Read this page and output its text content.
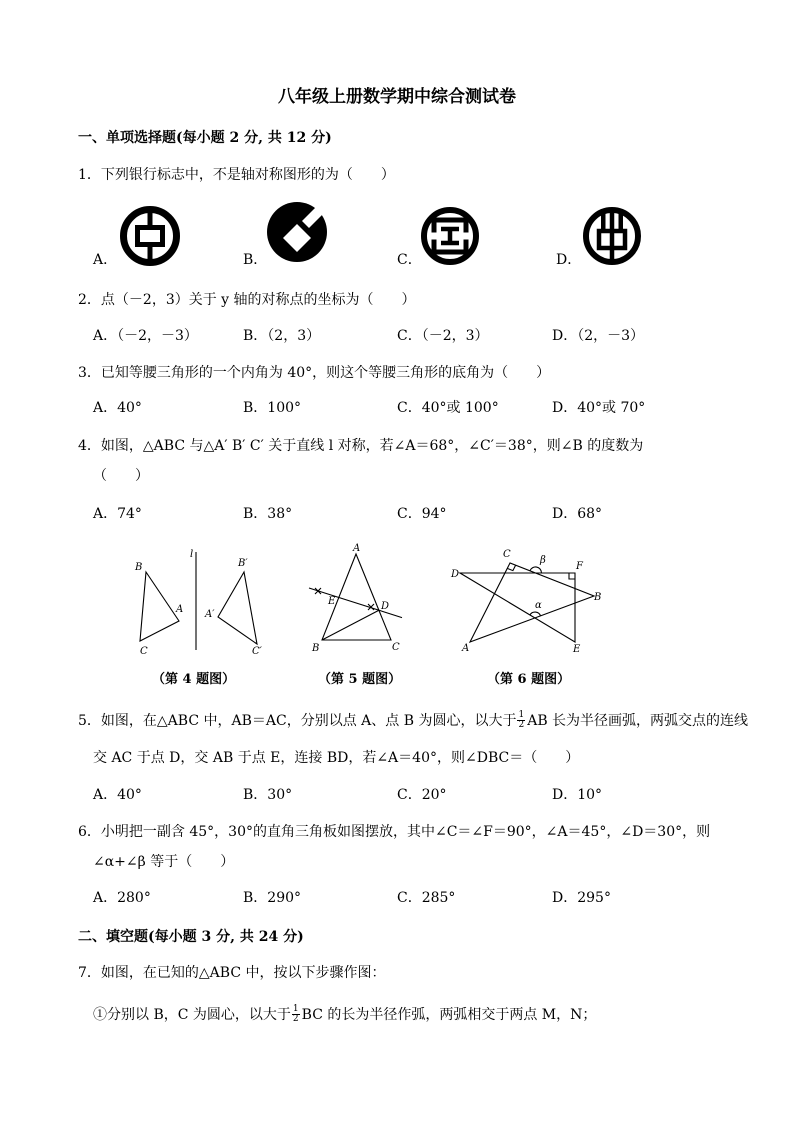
八年级上册数学期中综合测试卷
一、单项选择题(每小题 2 分, 共 12 分)
1．下列银行标志中，不是轴对称图形的为（　　）
A．	B．	C．	D．
2．点（－2，3）关于 y 轴的对称点的坐标为（　　）
A．（－2，－3）	B．（2，3）	C．（－2，3）	D．（2，－3）
3．已知等腰三角形的一个内角为 40°，则这个等腰三角形的底角为（　　）
A．40°	B．100°	C．40°或 100°	D．40°或 70°
4．如图，△ABC 与△A′ B′ C′ 关于直线 l 对称，若∠A＝68°，∠C′＝38°，则∠B 的度数为
（　　）
A．74°	B．38°	C．94°	D．68°
B
A
C
l
B′
A′
C′
A
E	D
B	C
C
β
F
D
B
α
A	E
（第 4 题图）	（第 5 题图）	（第 6 题图）
5．如图，在△ABC 中，AB＝AC，分别以点 A、点 B 为圆心，以大于 $\frac{1}{2}$ AB 长为半径画弧，两弧交点的连线
交 AC 于点 D，交 AB 于点 E，连接 BD，若∠A＝40°，则∠DBC＝（　　）
A．40°	B．30°	C．20°	D．10°
6．小明把一副含 45°，30°的直角三角板如图摆放，其中∠C＝∠F＝90°，∠A＝45°，∠D＝30°，则
∠α+∠β 等于（　　）
A．280°	B．290°	C．285°	D．295°
二、填空题(每小题 3 分, 共 24 分)
7．如图，在已知的△ABC 中，按以下步骤作图：
①分别以 B，C 为圆心，以大于 $\frac{1}{2}$ BC 的长为半径作弧，两弧相交于两点 M，N；
